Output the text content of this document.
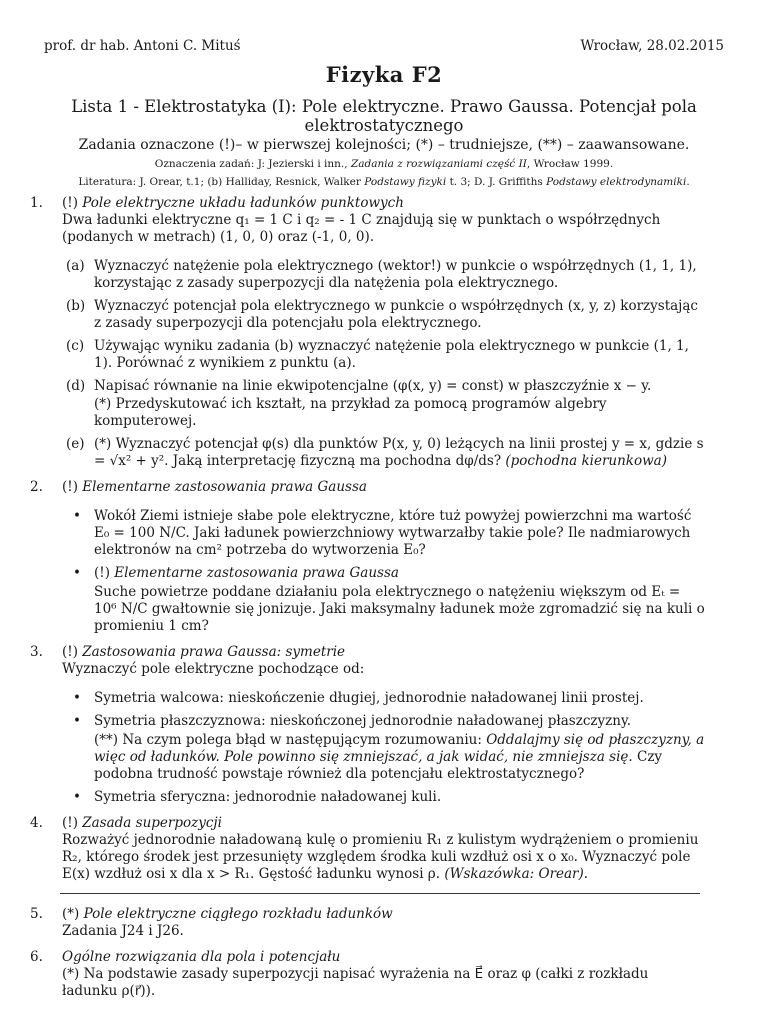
prof. dr hab. Antoni C. Mituś	Wrocław, 28.02.2015
Fizyka F2
Lista 1 - Elektrostatyka (I): Pole elektryczne. Prawo Gaussa. Potencjał pola elektrostatycznego
Zadania oznaczone (!)– w pierwszej kolejności; (*) – trudniejsze, (**) – zaawansowane.
Oznaczenia zadań: J: Jezierski i inn., Zadania z rozwiązaniami część II, Wrocław 1999.
Literatura: J. Orear, t.1; (b) Halliday, Resnick, Walker Podstawy fizyki t. 3; D. J. Griffiths Podstawy elektrodynamiki.
1. (!) Pole elektryczne układu ładunków punktowych

Dwa ładunki elektryczne q₁ = 1 C i q₂ = - 1 C znajdują się w punktach o współrzędnych (podanych w metrach) (1, 0, 0) oraz (-1, 0, 0).

(a) Wyznaczyć natężenie pola elektrycznego (wektor!) w punkcie o współrzędnych (1, 1, 1), korzystając z zasady superpozycji dla natężenia pola elektrycznego.

(b) Wyznaczyć potencjał pola elektrycznego w punkcie o współrzędnych (x, y, z) korzystając z zasady superpozycji dla potencjału pola elektrycznego.

(c) Używając wyniku zadania (b) wyznaczyć natężenie pola elektrycznego w punkcie (1, 1, 1). Porównać z wynikiem z punktu (a).

(d) Napisać równanie na linie ekwipotencjalne (φ(x, y) = const) w płaszczyźnie x − y.

(*) Przedyskutować ich kształt, na przykład za pomocą programów algebry komputerowej.

(e) (*) Wyznaczyć potencjał φ(s) dla punktów P(x, y, 0) leżących na linii prostej y = x, gdzie s = √x² + y². Jaką interpretację fizyczną ma pochodna dφ/ds? (pochodna kierunkowa)

2. (!) Elementarne zastosowania prawa Gaussa

• Wokół Ziemi istnieje słabe pole elektryczne, które tuż powyżej powierzchni ma wartość E₀ = 100 N/C. Jaki ładunek powierzchniowy wytwarzałby takie pole? Ile nadmiarowych elektronów na cm² potrzeba do wytworzenia E₀?

• (!) Elementarne zastosowania prawa Gaussa

Suche powietrze poddane działaniu pola elektrycznego o natężeniu większym od Eₜ = 10⁶ N/C gwałtownie się jonizuje. Jaki maksymalny ładunek może zgromadzić się na kuli o promieniu 1 cm?

3. (!) Zastosowania prawa Gaussa: symetrie

Wyznaczyć pole elektryczne pochodzące od:

• Symetria walcowa: nieskończenie długiej, jednorodnie naładowanej linii prostej.

• Symetria płaszczyznowa: nieskończonej jednorodnie naładowanej płaszczyzny.

(**) Na czym polega błąd w następującym rozumowaniu: Oddalajmy się od płaszczyzny, a więc od ładunków. Pole powinno się zmniejszać, a jak widać, nie zmniejsza się. Czy podobna trudność powstaje również dla potencjału elektrostatycznego?

• Symetria sferyczna: jednorodnie naładowanej kuli.

4. (!) Zasada superpozycji

Rozważyć jednorodnie naładowaną kulę o promieniu R₁ z kulistym wydrążeniem o promieniu R₂, którego środek jest przesunięty względem środka kuli wzdłuż osi x o x₀. Wyznaczyć pole E(x) wzdłuż osi x dla x > R₁. Gęstość ładunku wynosi ρ. (Wskazówka: Orear).

5. (*) Pole elektryczne ciągłego rozkładu ładunków

Zadania J24 i J26.

6. Ogólne rozwiązania dla pola i potencjału

(*) Na podstawie zasady superpozycji napisać wyrażenia na E⃗ oraz φ (całki z rozkładu ładunku ρ(r⃗)).
